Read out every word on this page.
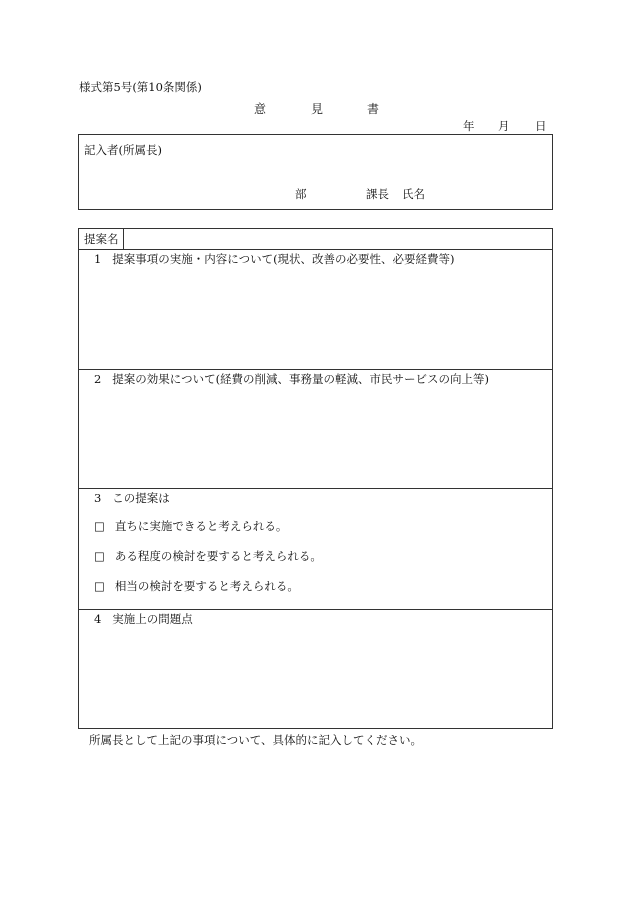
様式第5号(第10条関係)
意	見	書
年 月 日
記入者(所属長)
部	課長 氏名
提案名
1 提案事項の実施・内容について(現状、改善の必要性、必要経費等)
2 提案の効果について(経費の削減、事務量の軽減、市民サービスの向上等)
3 この提案は
□ 直ちに実施できると考えられる。
□ ある程度の検討を要すると考えられる。
□ 相当の検討を要すると考えられる。
4 実施上の問題点
所属長として上記の事項について、具体的に記入してください。
